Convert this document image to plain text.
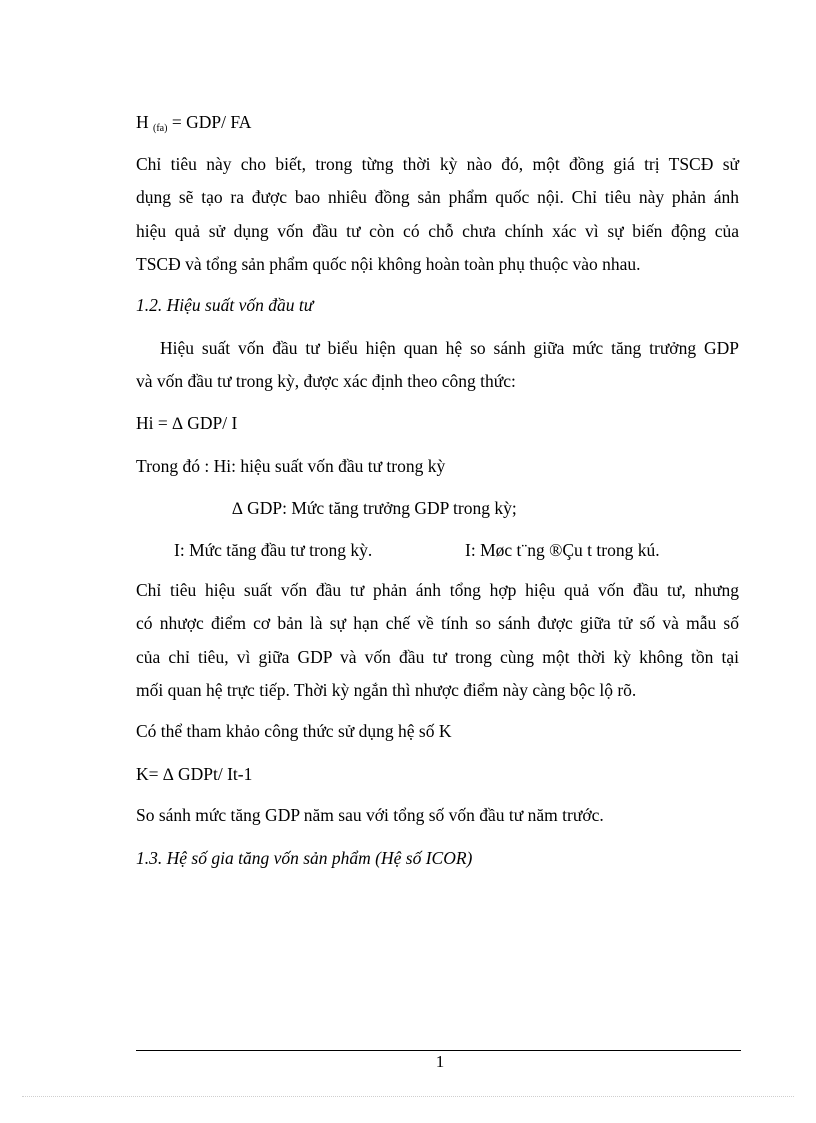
H $_{(fa)}$ = GDP/ FA
Chỉ tiêu này cho biết, trong từng thời kỳ nào đó, một đồng giá trị TSCĐ sử
dụng sẽ tạo ra được bao nhiêu đồng sản phẩm quốc nội. Chỉ tiêu này phản ánh
hiệu quả sử dụng vốn đầu tư còn có chỗ chưa chính xác vì sự biến động của
TSCĐ và tổng sản phẩm quốc nội không hoàn toàn phụ thuộc vào nhau.
1.2. Hiệu suất vốn đầu tư
Hiệu suất vốn đầu tư biểu hiện quan hệ so sánh giữa mức tăng trưởng GDP
và vốn đầu tư trong kỳ, được xác định theo công thức:
Hi = ∆ GDP/ I
Trong đó : Hi: hiệu suất vốn đầu tư trong kỳ
∆ GDP: Mức tăng trưởng GDP trong kỳ;
I: Mức tăng đầu tư trong kỳ.	I: Møc t¨ng ®Çu t trong kú.
Chỉ tiêu hiệu suất vốn đầu tư phản ánh tổng hợp hiệu quả vốn đầu tư, nhưng
có nhược điểm cơ bản là sự hạn chế về tính so sánh được giữa tử số và mẫu số
của chỉ tiêu, vì giữa GDP và vốn đầu tư trong cùng một thời kỳ không tồn tại
mối quan hệ trực tiếp. Thời kỳ ngắn thì nhược điểm này càng bộc lộ rõ.
Có thể tham khảo công thức sử dụng hệ số K
K= ∆ GDPt/ It-1
So sánh mức tăng GDP năm sau với tổng số vốn đầu tư năm trước.
1.3. Hệ số gia tăng vốn sản phẩm (Hệ số ICOR)
1
